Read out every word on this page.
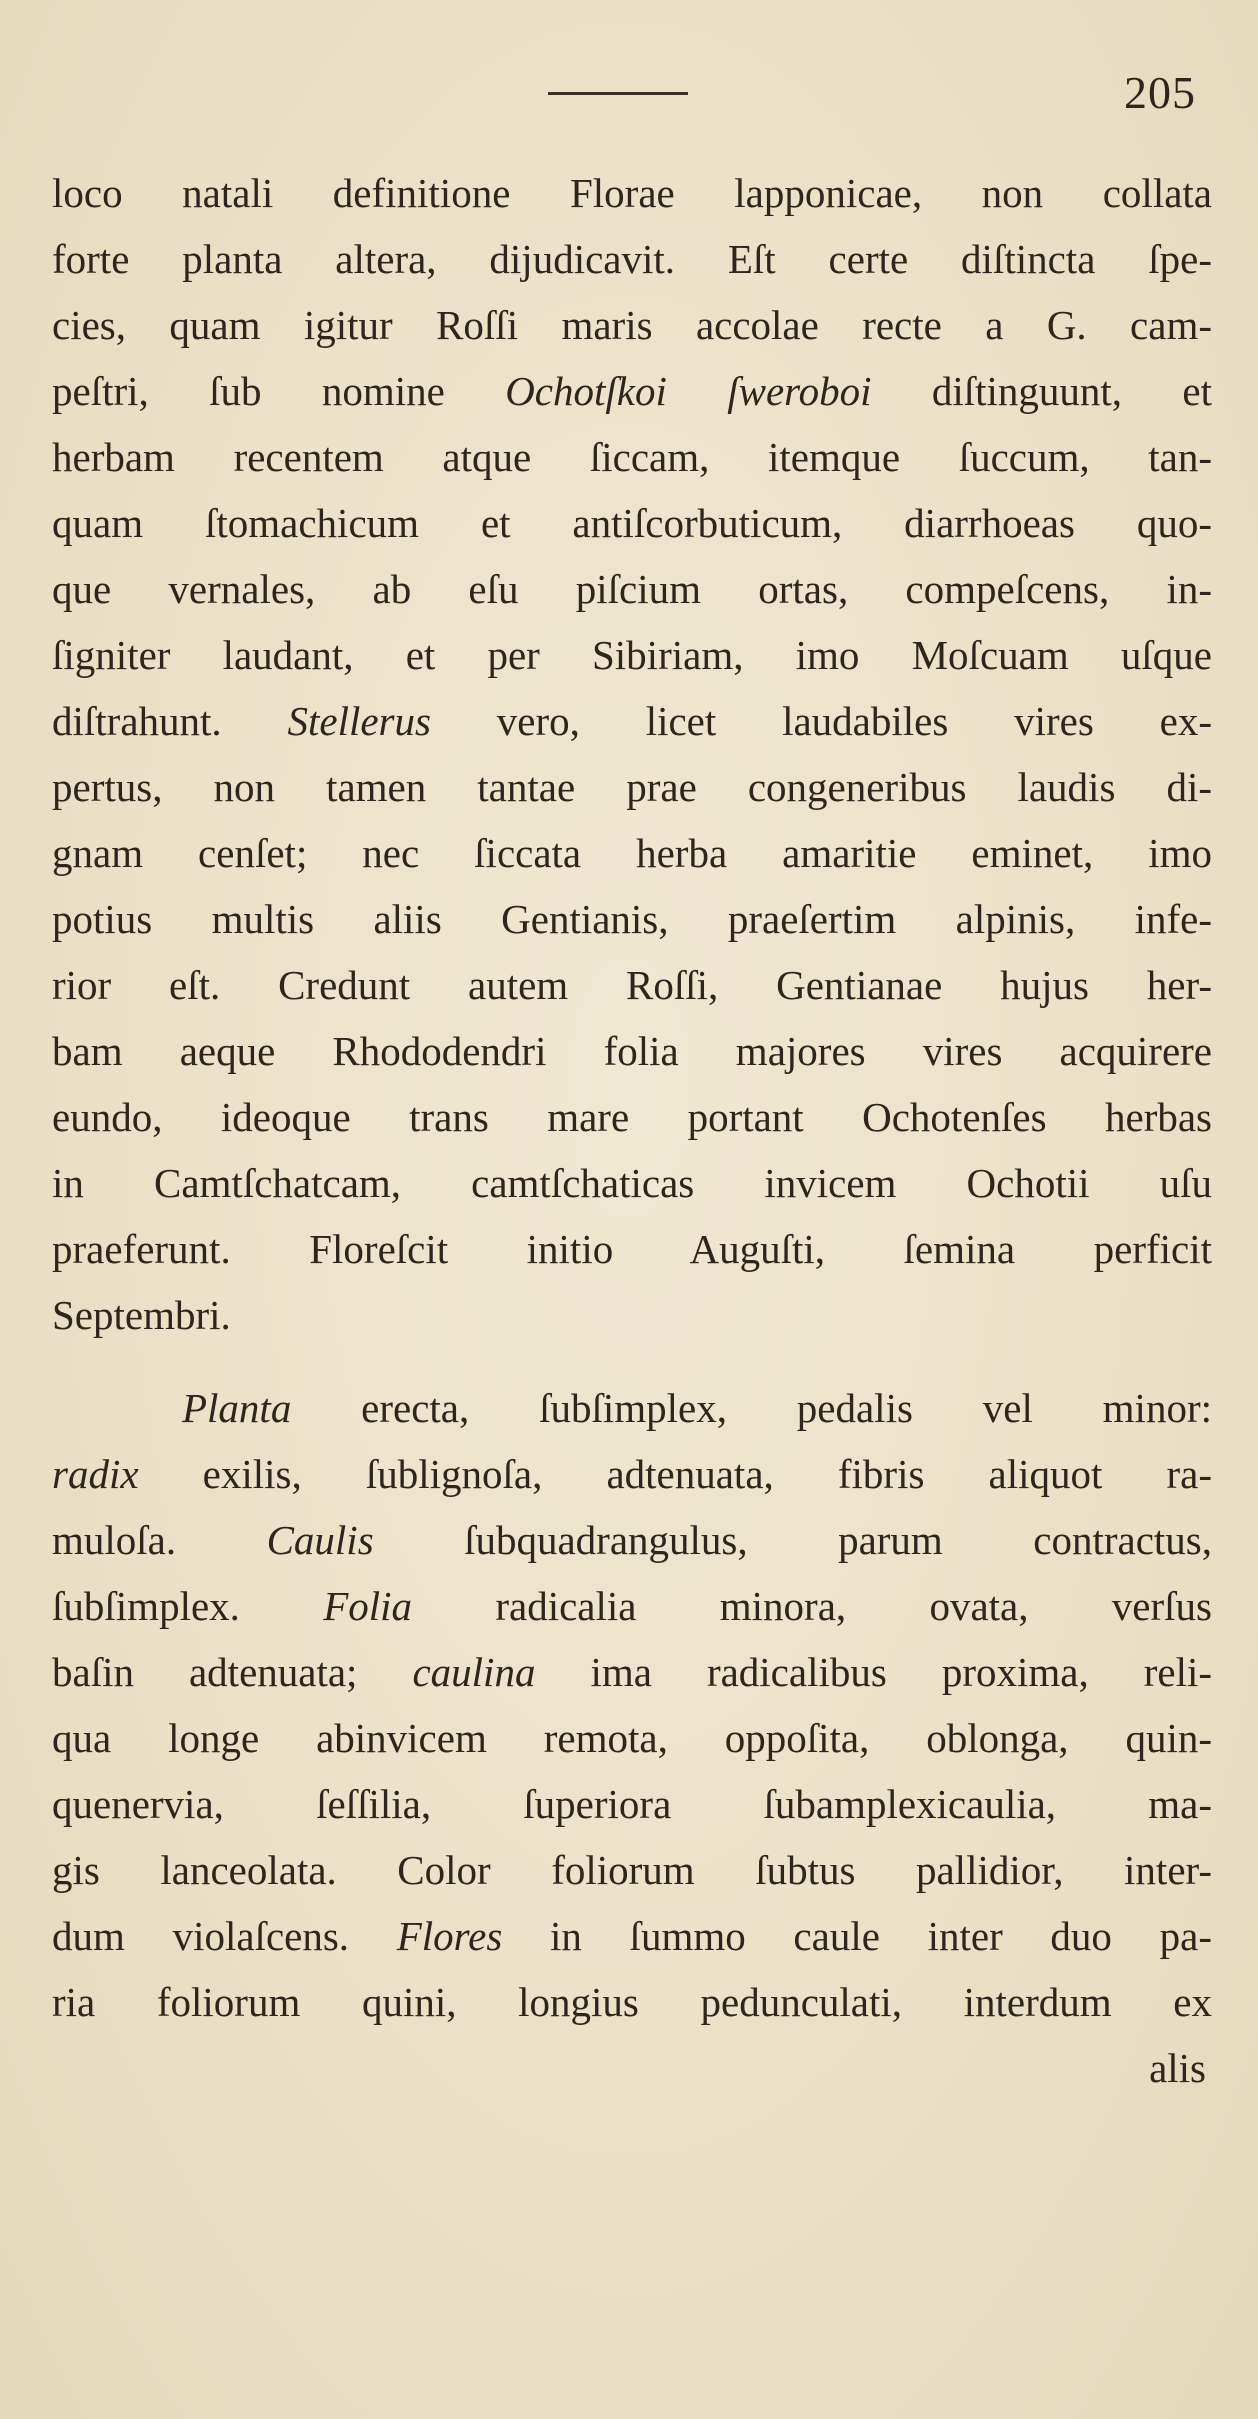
205
loco natali definitione Florae lapponicae, non collata
forte planta altera, dijudicavit. Eſt certe diſtincta ſpe-
cies, quam igitur Roſſi maris accolae recte a G. cam-
peſtri, ſub nomine Ochotſkoi ſweroboi diſtinguunt, et
herbam recentem atque ſiccam, itemque ſuccum, tan-
quam ſtomachicum et antiſcorbuticum, diarrhoeas quo-
que vernales, ab eſu piſcium ortas, compeſcens, in-
ſigniter laudant, et per Sibiriam, imo Moſcuam uſque
diſtrahunt. Stellerus vero, licet laudabiles vires ex-
pertus, non tamen tantae prae congeneribus laudis di-
gnam cenſet; nec ſiccata herba amaritie eminet, imo
potius multis aliis Gentianis, praeſertim alpinis, infe-
rior eſt. Credunt autem Roſſi, Gentianae hujus her-
bam aeque Rhododendri folia majores vires acquirere
eundo, ideoque trans mare portant Ochotenſes herbas
in Camtſchatcam, camtſchaticas invicem Ochotii uſu
praeferunt. Floreſcit initio Auguſti, ſemina perficit
Septembri.
Planta erecta, ſubſimplex, pedalis vel minor:
radix exilis, ſublignoſa, adtenuata, fibris aliquot ra-
muloſa. Caulis ſubquadrangulus, parum contractus,
ſubſimplex. Folia radicalia minora, ovata, verſus
baſin adtenuata; caulina ima radicalibus proxima, reli-
qua longe abinvicem remota, oppoſita, oblonga, quin-
quenervia, ſeſſilia, ſuperiora ſubamplexicaulia, ma-
gis lanceolata. Color foliorum ſubtus pallidior, inter-
dum violaſcens. Flores in ſummo caule inter duo pa-
ria foliorum quini, longius pedunculati, interdum ex
alis
